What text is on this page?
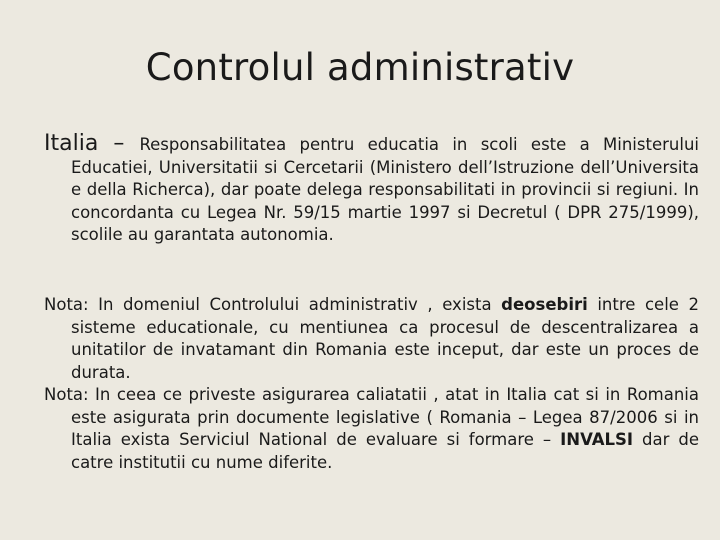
Controlul administrativ

Italia – Responsabilitatea pentru educatia in scoli este a Ministerului Educatiei, Universitatii si Cercetarii (Ministero dell’Istruzione dell’Universita e della Richerca), dar poate delega responsabilitati in provincii si regiuni. In concordanta cu Legea Nr. 59/15 martie 1997 si Decretul ( DPR 275/1999), scolile au garantata autonomia.

Nota: In domeniul Controlului administrativ , exista deosebiri intre cele 2 sisteme educationale, cu mentiunea ca procesul de descentralizarea a unitatilor de invatamant din Romania este inceput, dar este un proces de durata.

Nota: In ceea ce priveste asigurarea caliatatii , atat in Italia cat si in Romania este asigurata prin documente legislative ( Romania – Legea 87/2006 si in Italia exista Serviciul National de evaluare si formare – INVALSI dar de catre institutii cu nume diferite.
